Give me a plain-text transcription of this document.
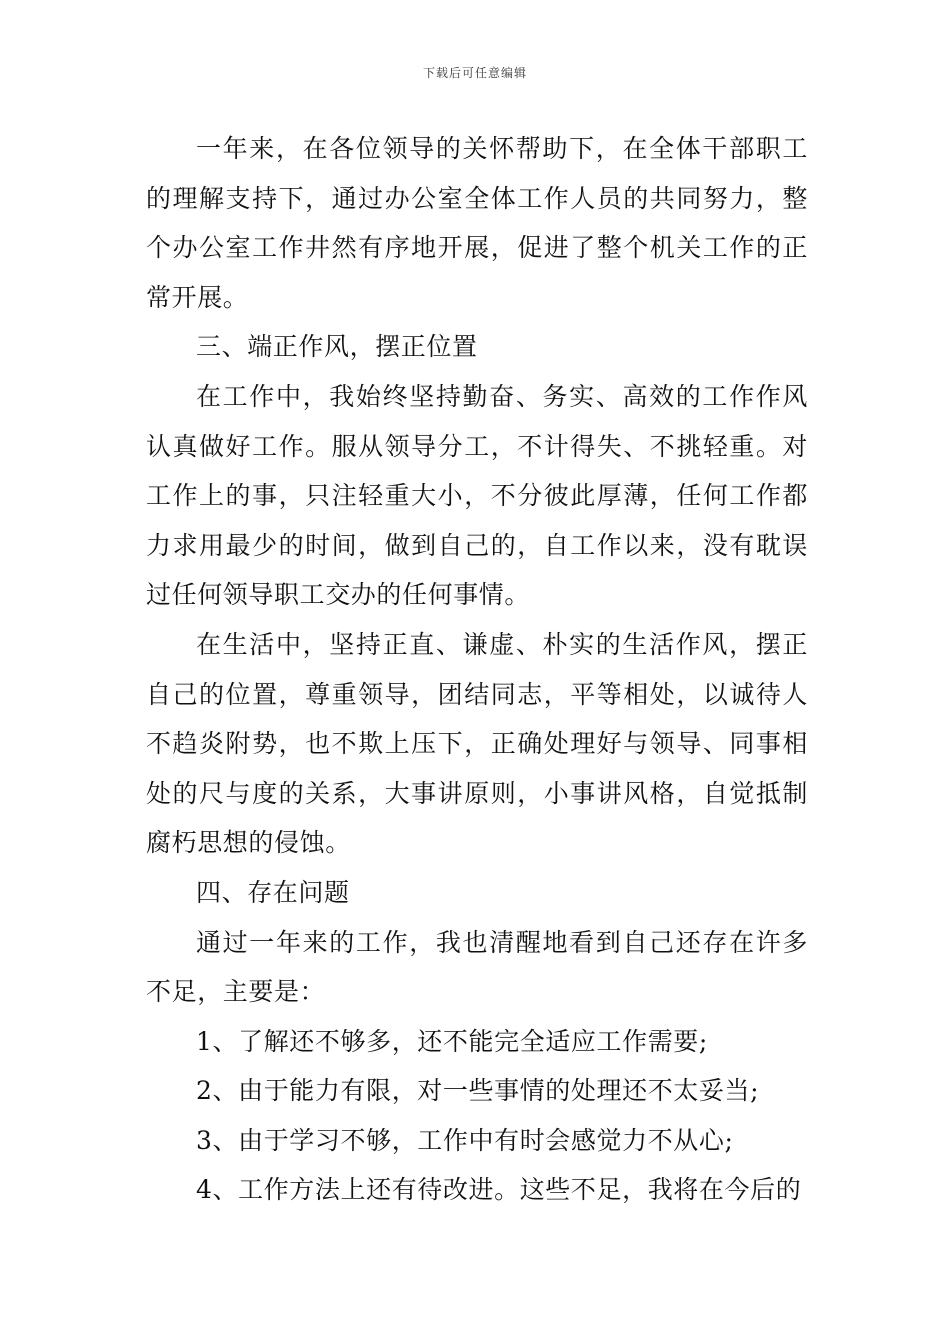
下载后可任意编辑

一年来，在各位领导的关怀帮助下，在全体干部职工的理解支持下，通过办公室全体工作人员的共同努力，整个办公室工作井然有序地开展，促进了整个机关工作的正常开展。

三、端正作风，摆正位置

在工作中，我始终坚持勤奋、务实、高效的工作作风认真做好工作。服从领导分工，不计得失、不挑轻重。对工作上的事，只注轻重大小，不分彼此厚薄，任何工作都力求用最少的时间，做到自己的，自工作以来，没有耽误过任何领导职工交办的任何事情。

在生活中，坚持正直、谦虚、朴实的生活作风，摆正自己的位置，尊重领导，团结同志，平等相处，以诚待人不趋炎附势，也不欺上压下，正确处理好与领导、同事相处的尺与度的关系，大事讲原则，小事讲风格，自觉抵制腐朽思想的侵蚀。

四、存在问题

通过一年来的工作，我也清醒地看到自己还存在许多不足，主要是：

1、了解还不够多，还不能完全适应工作需要;

2、由于能力有限，对一些事情的处理还不太妥当;

3、由于学习不够，工作中有时会感觉力不从心;

4、工作方法上还有待改进。这些不足，我将在今后的
